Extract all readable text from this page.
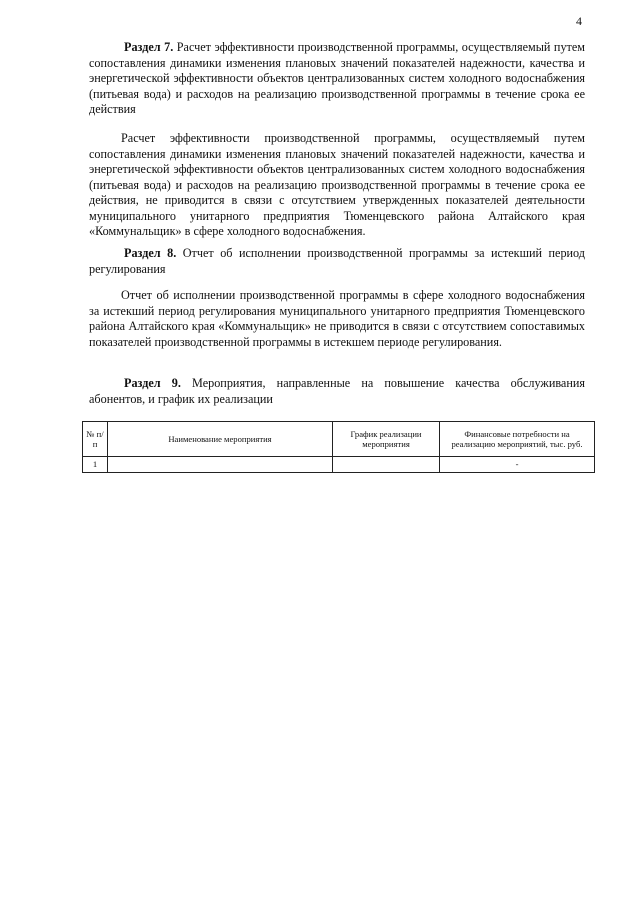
4
Раздел 7. Расчет эффективности производственной программы, осуществляемый путем сопоставления динамики изменения плановых значений показателей надежности, качества и энергетической эффективности объектов централизованных систем холодного водоснабжения (питьевая вода) и расходов на реализацию производственной программы в течение срока ее действия
Расчет эффективности производственной программы, осуществляемый путем сопоставления динамики изменения плановых значений показателей надежности, качества и энергетической эффективности объектов централизованных систем холодного водоснабжения (питьевая вода) и расходов на реализацию производственной программы в течение срока ее действия, не приводится в связи с отсутствием утвержденных показателей деятельности муниципального унитарного предприятия Тюменцевского района Алтайского края «Коммунальщик» в сфере холодного водоснабжения.
Раздел 8. Отчет об исполнении производственной программы за истекший период регулирования
Отчет об исполнении производственной программы в сфере холодного водоснабжения за истекший период регулирования муниципального унитарного предприятия Тюменцевского района Алтайского края «Коммунальщик» не приводится в связи с отсутствием сопоставимых показателей производственной программы в истекшем периоде регулирования.
Раздел 9. Мероприятия, направленные на повышение качества обслуживания абонентов, и график их реализации
№ п/п	Наименование мероприятия	График реализации мероприятия	Финансовые потребности на реализацию мероприятий, тыс. руб.
1			-
